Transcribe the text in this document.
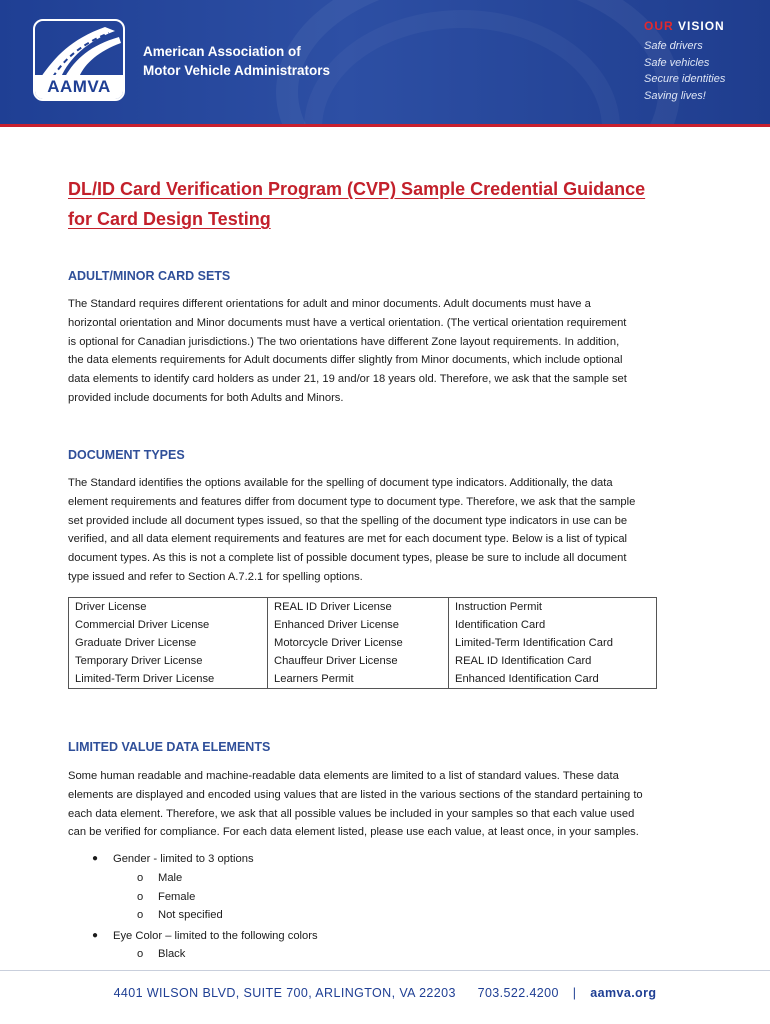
AAMVA
American Association of
Motor Vehicle Administrators
OUR VISION
Safe drivers
Safe vehicles
Secure identities
Saving lives!
DL/ID Card Verification Program (CVP) Sample Credential Guidance
for Card Design Testing
ADULT/MINOR CARD SETS
The Standard requires different orientations for adult and minor documents. Adult documents must have a
horizontal orientation and Minor documents must have a vertical orientation. (The vertical orientation requirement
is optional for Canadian jurisdictions.) The two orientations have different Zone layout requirements. In addition,
the data elements requirements for Adult documents differ slightly from Minor documents, which include optional
data elements to identify card holders as under 21, 19 and/or 18 years old. Therefore, we ask that the sample set
provided include documents for both Adults and Minors.
DOCUMENT TYPES
The Standard identifies the options available for the spelling of document type indicators. Additionally, the data
element requirements and features differ from document type to document type. Therefore, we ask that the sample
set provided include all document types issued, so that the spelling of the document type indicators in use can be
verified, and all data element requirements and features are met for each document type. Below is a list of typical
document types. As this is not a complete list of possible document types, please be sure to include all document
type issued and refer to Section A.7.2.1 for spelling options.
Driver License	REAL ID Driver License	Instruction Permit
Commercial Driver License	Enhanced Driver License	Identification Card
Graduate Driver License	Motorcycle Driver License	Limited-Term Identification Card
Temporary Driver License	Chauffeur Driver License	REAL ID Identification Card
Limited-Term Driver License	Learners Permit	Enhanced Identification Card
LIMITED VALUE DATA ELEMENTS
Some human readable and machine-readable data elements are limited to a list of standard values. These data
elements are displayed and encoded using values that are listed in the various sections of the standard pertaining to
each data element. Therefore, we ask that all possible values be included in your samples so that each value used
can be verified for compliance. For each data element listed, please use each value, at least once, in your samples.
● Gender - limited to 3 options
o Male
o Female
o Not specified
● Eye Color – limited to the following colors
o Black
4401 WILSON BLVD, SUITE 700, ARLINGTON, VA 22203 703.522.4200 | aamva.org
